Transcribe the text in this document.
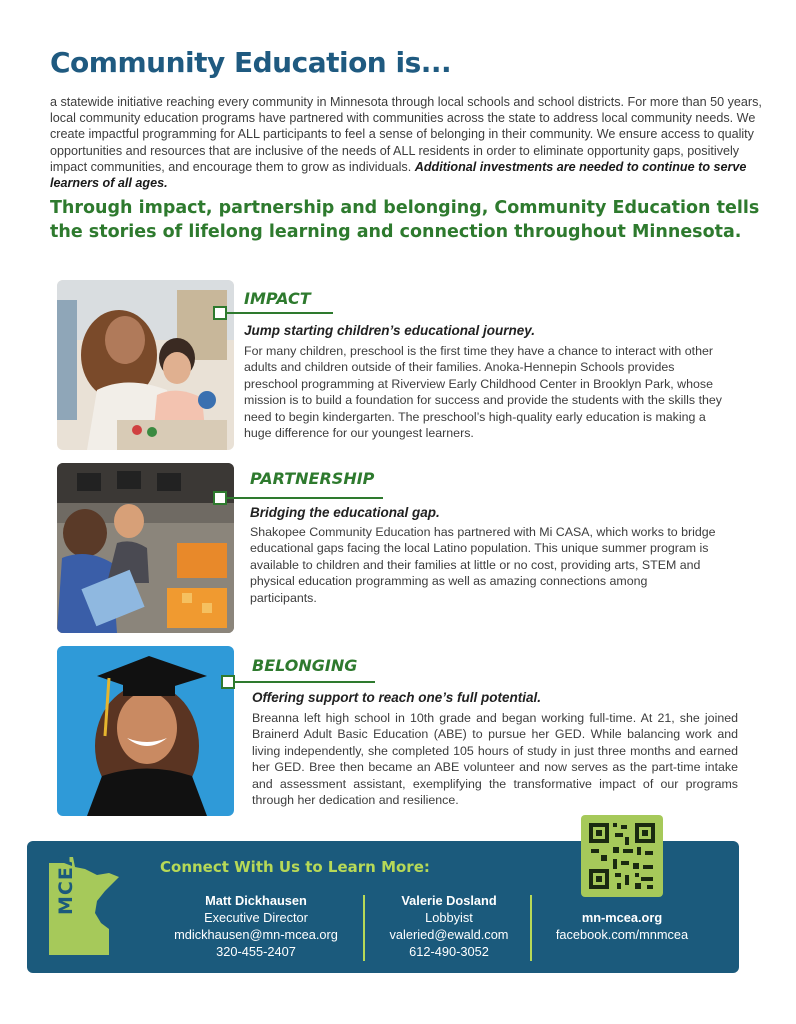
Community Education is...

a statewide initiative reaching every community in Minnesota through local schools and school districts. For more than 50 years, local community education programs have partnered with communities across the state to address local community needs. We create impactful programming for ALL participants to feel a sense of belonging in their community. We ensure access to quality opportunities and resources that are inclusive of the needs of ALL residents in order to eliminate opportunity gaps, positively impact communities, and encourage them to grow as individuals. Additional investments are needed to continue to serve learners of all ages.

Through impact, partnership and belonging, Community Education tells the stories of lifelong learning and connection throughout Minnesota.

IMPACT
Jump starting children’s educational journey.

For many children, preschool is the first time they have a chance to interact with other adults and children outside of their families. Anoka-Hennepin Schools provides preschool programming at Riverview Early Childhood Center in Brooklyn Park, whose mission is to build a foundation for success and provide the students with the skills they need to begin kindergarten. The preschool’s high-quality early education is making a huge difference for our youngest learners.

PARTNERSHIP
Bridging the educational gap.

Shakopee Community Education has partnered with Mi CASA, which works to bridge educational gaps facing the local Latino population. This unique summer program is available to children and their families at little or no cost, providing arts, STEM and physical education programming as well as amazing connections among participants.

BELONGING
Offering support to reach one’s full potential.

Breanna left high school in 10th grade and began working full-time. At 21, she joined Brainerd Adult Basic Education (ABE) to pursue her GED. While balancing work and living independently, she completed 105 hours of study in just three months and earned her GED. Bree then became an ABE volunteer and now serves as the part-time intake and assessment assistant, exemplifying the transformative impact of our programs through her dedication and resilience.

MCEA	Connect With Us to Learn More:
Matt Dickhausen
Executive Director
mdickhausen@mn-mcea.org
320-455-2407
Valerie Dosland
Lobbyist
valeried@ewald.com
612-490-3052
mn-mcea.org
facebook.com/mnmcea
